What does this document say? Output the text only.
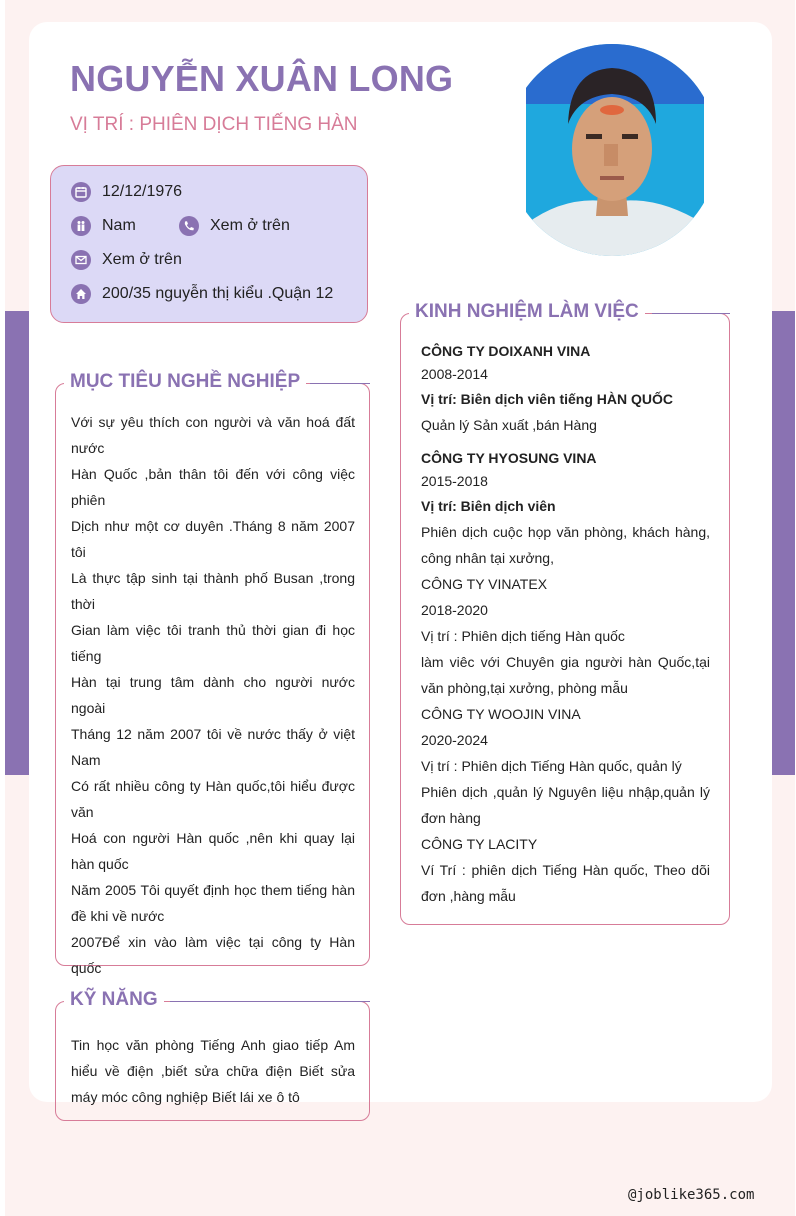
NGUYỄN XUÂN LONG
VỊ TRÍ : PHIÊN DỊCH TIẾNG HÀN
12/12/1976
Nam	Xem ở trên
Xem ở trên
200/35 nguyễn thị kiểu .Quận 12

Với sự yêu thích con người và văn hoá đất nước

Hàn Quốc ,bản thân tôi đến với công việc phiên

Dịch như một cơ duyên .Tháng 8 năm 2007 tôi

Là thực tập sinh tại thành phố Busan ,trong thời

Gian làm việc tôi tranh thủ thời gian đi học tiếng

Hàn tại trung tâm dành cho người nước ngoài

Tháng 12 năm 2007 tôi về nước thấy ở việt Nam

Có rất nhiều công ty Hàn quốc,tôi hiểu được văn

Hoá con người Hàn quốc ,nên khi quay lại hàn quốc

Năm 2005 Tôi quyết định học them tiếng hàn đề khi về nước

2007Để xin vào làm việc tại công ty Hàn quốc

MỤC TIÊU NGHỀ NGHIỆP

Tin học văn phòng Tiếng Anh giao tiếp Am hiểu về điện ,biết sửa chữa điện Biết sửa máy móc công nghiệp Biết lái xe ô tô

KỸ NĂNG

CÔNG TY DOIXANH VINA

2008-2014

Vị trí: Biên dịch viên tiếng HÀN QUỐC

Quản lý Sản xuất ,bán Hàng

CÔNG TY HYOSUNG VINA

2015-2018

Vị trí: Biên dịch viên

Phiên dịch cuộc họp văn phòng, khách hàng, công nhân tại xưởng,

CÔNG TY VINATEX

2018-2020

Vị trí : Phiên dịch tiếng Hàn quốc

làm viêc với Chuyên gia người hàn Quốc,tại văn phòng,tại xưởng, phòng mẫu

CÔNG TY WOOJIN VINA

2020-2024

Vị trí : Phiên dịch Tiếng Hàn quốc, quản lý

Phiên dịch ,quản lý Nguyên liệu nhập,quản lý đơn hàng

CÔNG TY LACITY

Ví Trí : phiên dịch Tiếng Hàn quốc, Theo dõi đơn ,hàng mẫu

KINH NGHIỆM LÀM VIỆC
@joblike365.com
